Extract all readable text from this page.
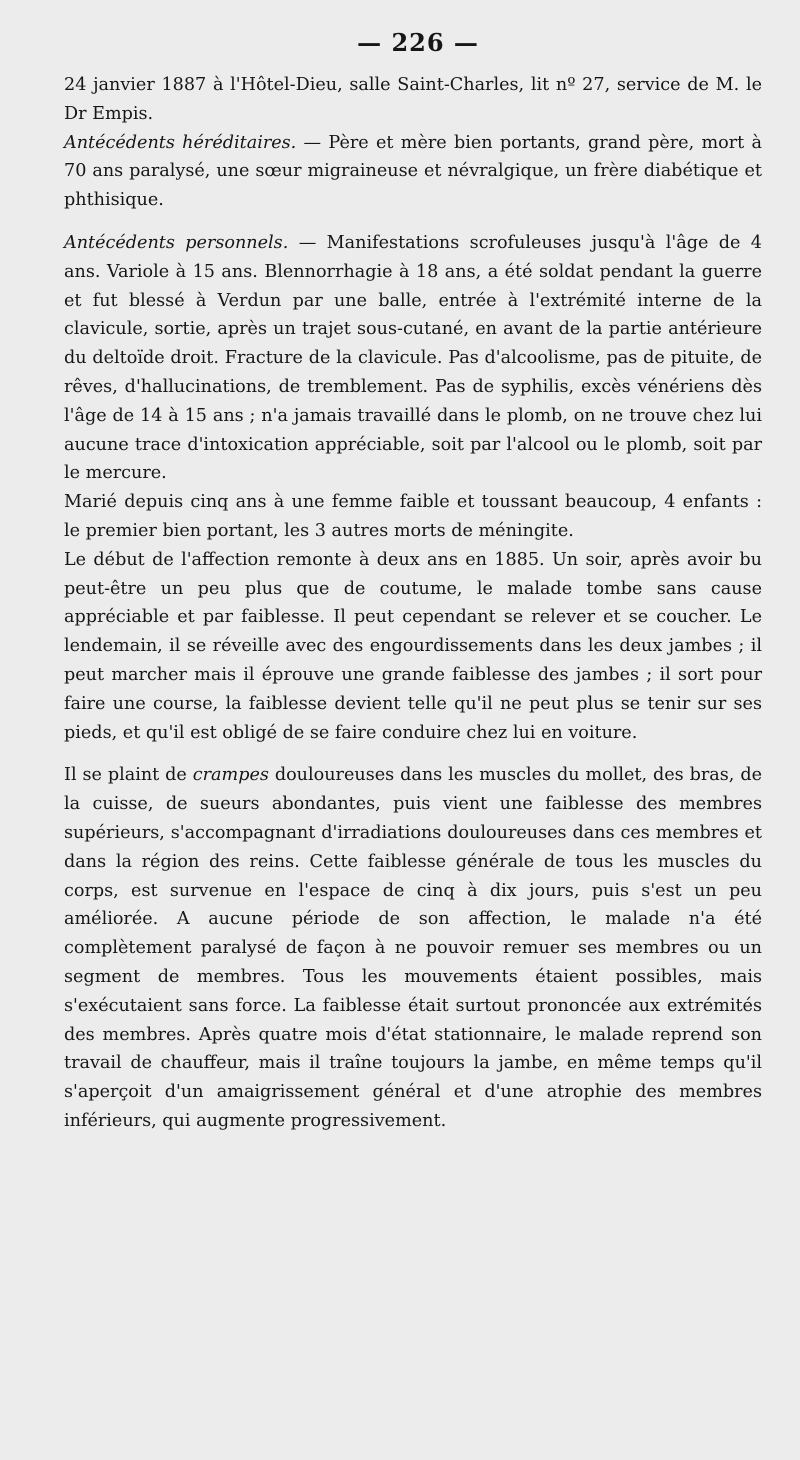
— 226 —

24 janvier 1887 à l'Hôtel-Dieu, salle Saint-Charles, lit nº 27, service de M. le Dr Empis.

Antécédents héréditaires. — Père et mère bien portants, grand père, mort à 70 ans paralysé, une sœur migraineuse et névralgique, un frère diabétique et phthisique.

Antécédents personnels. — Manifestations scrofuleuses jusqu'à l'âge de 4 ans. Variole à 15 ans. Blennorrhagie à 18 ans, a été soldat pendant la guerre et fut blessé à Verdun par une balle, entrée à l'extrémité interne de la clavicule, sortie, après un trajet sous-cutané, en avant de la partie antérieure du deltoïde droit. Fracture de la clavicule. Pas d'alcoolisme, pas de pituite, de rêves, d'hallucinations, de tremblement. Pas de syphilis, excès vénériens dès l'âge de 14 à 15 ans ; n'a jamais travaillé dans le plomb, on ne trouve chez lui aucune trace d'intoxication appréciable, soit par l'alcool ou le plomb, soit par le mercure.

Marié depuis cinq ans à une femme faible et toussant beaucoup, 4 enfants : le premier bien portant, les 3 autres morts de méningite.

Le début de l'affection remonte à deux ans en 1885. Un soir, après avoir bu peut-être un peu plus que de coutume, le malade tombe sans cause appréciable et par faiblesse. Il peut cependant se relever et se coucher. Le lendemain, il se réveille avec des engourdissements dans les deux jambes ; il peut marcher mais il éprouve une grande faiblesse des jambes ; il sort pour faire une course, la faiblesse devient telle qu'il ne peut plus se tenir sur ses pieds, et qu'il est obligé de se faire conduire chez lui en voiture.

Il se plaint de crampes douloureuses dans les muscles du mollet, des bras, de la cuisse, de sueurs abondantes, puis vient une faiblesse des membres supérieurs, s'accompagnant d'irradiations douloureuses dans ces membres et dans la région des reins. Cette faiblesse générale de tous les muscles du corps, est survenue en l'espace de cinq à dix jours, puis s'est un peu améliorée. A aucune période de son affection, le malade n'a été complètement paralysé de façon à ne pouvoir remuer ses membres ou un segment de membres. Tous les mouvements étaient possibles, mais s'exécutaient sans force. La faiblesse était surtout prononcée aux extrémités des membres. Après quatre mois d'état stationnaire, le malade reprend son travail de chauffeur, mais il traîne toujours la jambe, en même temps qu'il s'aperçoit d'un amaigrissement général et d'une atrophie des membres inférieurs, qui augmente progressivement.
